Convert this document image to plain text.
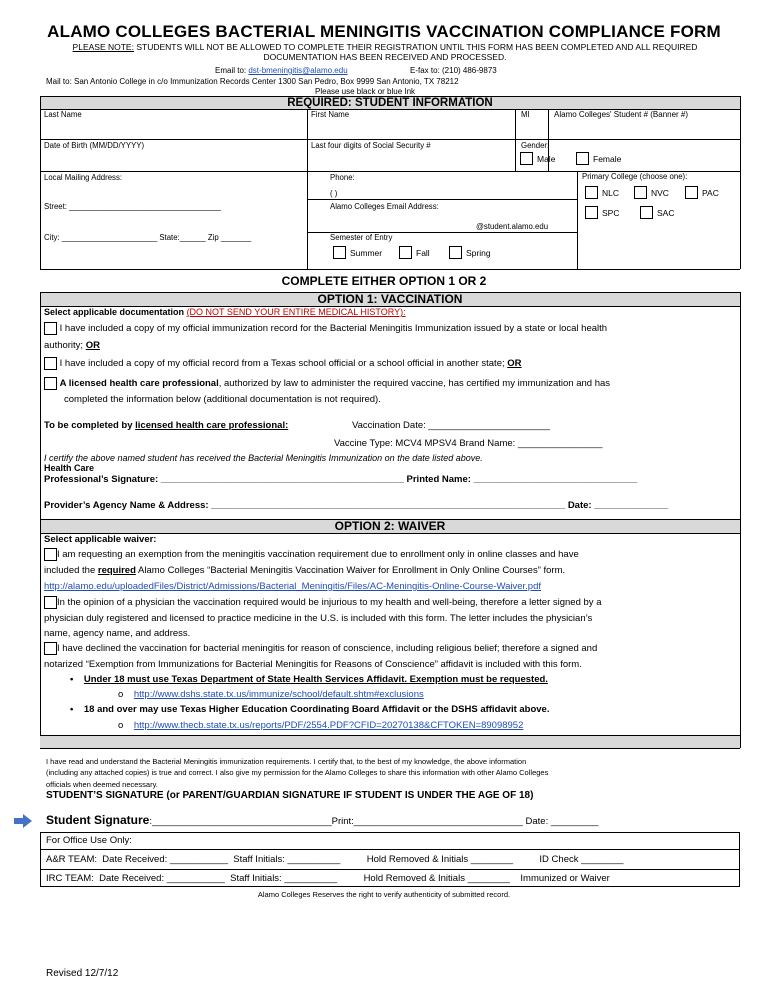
ALAMO COLLEGES BACTERIAL MENINGITIS VACCINATION COMPLIANCE FORM
PLEASE NOTE: STUDENTS WILL NOT BE ALLOWED TO COMPLETE THEIR REGISTRATION UNTIL THIS FORM HAS BEEN COMPLETED AND ALL REQUIRED DOCUMENTATION HAS BEEN RECEIVED AND PROCESSED.
Email to: dst-bmeningitis@alamo.edu	E-fax to: (210) 486-9873
Mail to: San Antonio College in c/o Immunization Records Center 1300 San Pedro, Box 9999 San Antonio, TX 78212
Please use black or blue Ink
REQUIRED: STUDENT INFORMATION
Last Name	First Name	MI	Alamo Colleges' Student # (Banner #)
Date of Birth (MM/DD/YYYY)	Last four digits of Social Security #	Gender:
Male	Female
Local Mailing Address:
Street: ___________________________________
City: ______________________ State:______ Zip _______
Phone:
( )
Alamo Colleges Email Address:
@student.alamo.edu
Semester of Entry
Summer	Fall	Spring
Primary College (choose one):
NLC	NVC	PAC
SPC	SAC
COMPLETE EITHER OPTION 1 OR 2
OPTION 1: VACCINATION
Select applicable documentation (DO NOT SEND YOUR ENTIRE MEDICAL HISTORY):
I have included a copy of my official immunization record for the Bacterial Meningitis Immunization issued by a state or local health
authority; OR
I have included a copy of my official record from a Texas school official or a school official in another state; OR
A licensed health care professional, authorized by law to administer the required vaccine, has certified my immunization and has
completed the information below (additional documentation is not required).
To be completed by licensed health care professional:	Vaccination Date: _______________________
Vaccine Type: MCV4 MPSV4 Brand Name: ________________
I certify the above named student has received the Bacterial Meningitis Immunization on the date listed above.
Health Care
Professional’s Signature: ______________________________________________ Printed Name: _______________________________
Provider’s Agency Name & Address: ___________________________________________________________________ Date: ______________
OPTION 2: WAIVER
Select applicable waiver:
I am requesting an exemption from the meningitis vaccination requirement due to enrollment only in online classes and have
included the required Alamo Colleges “Bacterial Meningitis Vaccination Waiver for Enrollment in Only Online Courses” form.
http://alamo.edu/uploadedFiles/District/Admissions/Bacterial_Meningitis/Files/AC-Meningitis-Online-Course-Waiver.pdf
In the opinion of a physician the vaccination required would be injurious to my health and well-being, therefore a letter signed by a
physician duly registered and licensed to practice medicine in the U.S. is included with this form. The letter includes the physician’s
name, agency name, and address.
I have declined the vaccination for bacterial meningitis for reason of conscience, including religious belief; therefore a signed and
notarized “Exemption from Immunizations for Bacterial Meningitis for Reasons of Conscience” affidavit is included with this form.
•    Under 18 must use Texas Department of State Health Services Affidavit. Exemption must be requested.
o    http://www.dshs.state.tx.us/immunize/school/default.shtm#exclusions
•    18 and over may use Texas Higher Education Coordinating Board Affidavit or the DSHS affidavit above.
o    http://www.thecb.state.tx.us/reports/PDF/2554.PDF?CFID=20270138&CFTOKEN=89098952
I have read and understand the Bacterial Meningitis immunization requirements. I certify that, to the best of my knowledge, the above information
(including any attached copies) is true and correct. I also give my permission for the Alamo Colleges to share this information with other Alamo Colleges
officials when deemed necessary.
STUDENT’S SIGNATURE (or PARENT/GUARDIAN SIGNATURE IF STUDENT IS UNDER THE AGE OF 18)
Student Signature:__________________________________Print:________________________________ Date: _________
For Office Use Only:
A&R TEAM:  Date Received: ___________  Staff Initials: __________          Hold Removed & Initials ________          ID Check ________
IRC TEAM:  Date Received: ___________  Staff Initials: __________          Hold Removed & Initials ________    Immunized or Waiver
Alamo Colleges Reserves the right to verify authenticity of submitted record.
Revised 12/7/12
